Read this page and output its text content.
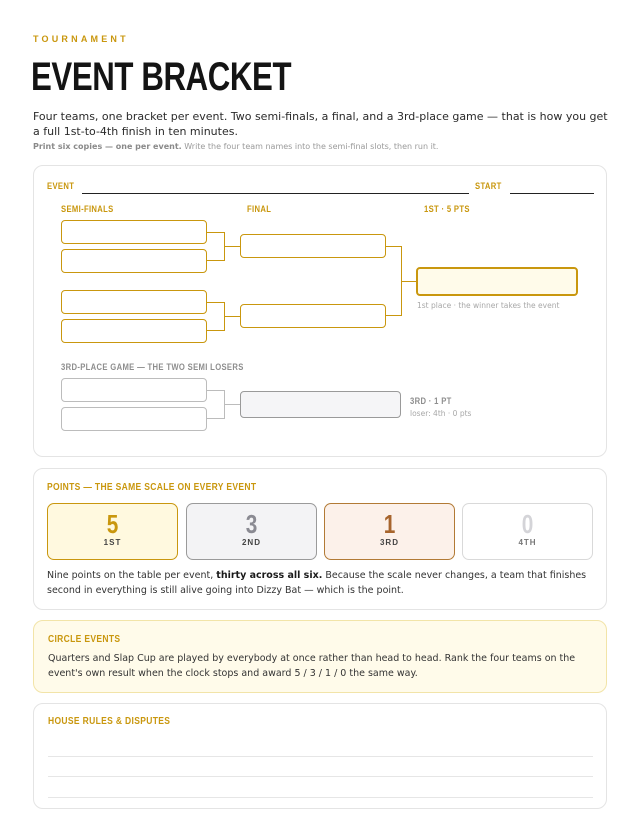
TOURNAMENT
EVENT BRACKET
Four teams, one bracket per event. Two semi-finals, a final, and a 3rd-place game — that is how you get a full 1st-to-4th finish in ten minutes.
Print six copies — one per event. Write the four team names into the semi-final slots, then run it.
EVENT	START
SEMI-FINALS	FINAL	1ST · 5 PTS
1st place · the winner takes the event
3RD-PLACE GAME — THE TWO SEMI LOSERS
3RD · 1 PT
loser: 4th · 0 pts
POINTS — THE SAME SCALE ON EVERY EVENT
5
1ST
3
2ND
1
3RD
0
4TH
Nine points on the table per event, thirty across all six. Because the scale never changes, a team that finishes second in everything is still alive going into Dizzy Bat — which is the point.
CIRCLE EVENTS
Quarters and Slap Cup are played by everybody at once rather than head to head. Rank the four teams on the event's own result when the clock stops and award 5 / 3 / 1 / 0 the same way.
HOUSE RULES & DISPUTES
